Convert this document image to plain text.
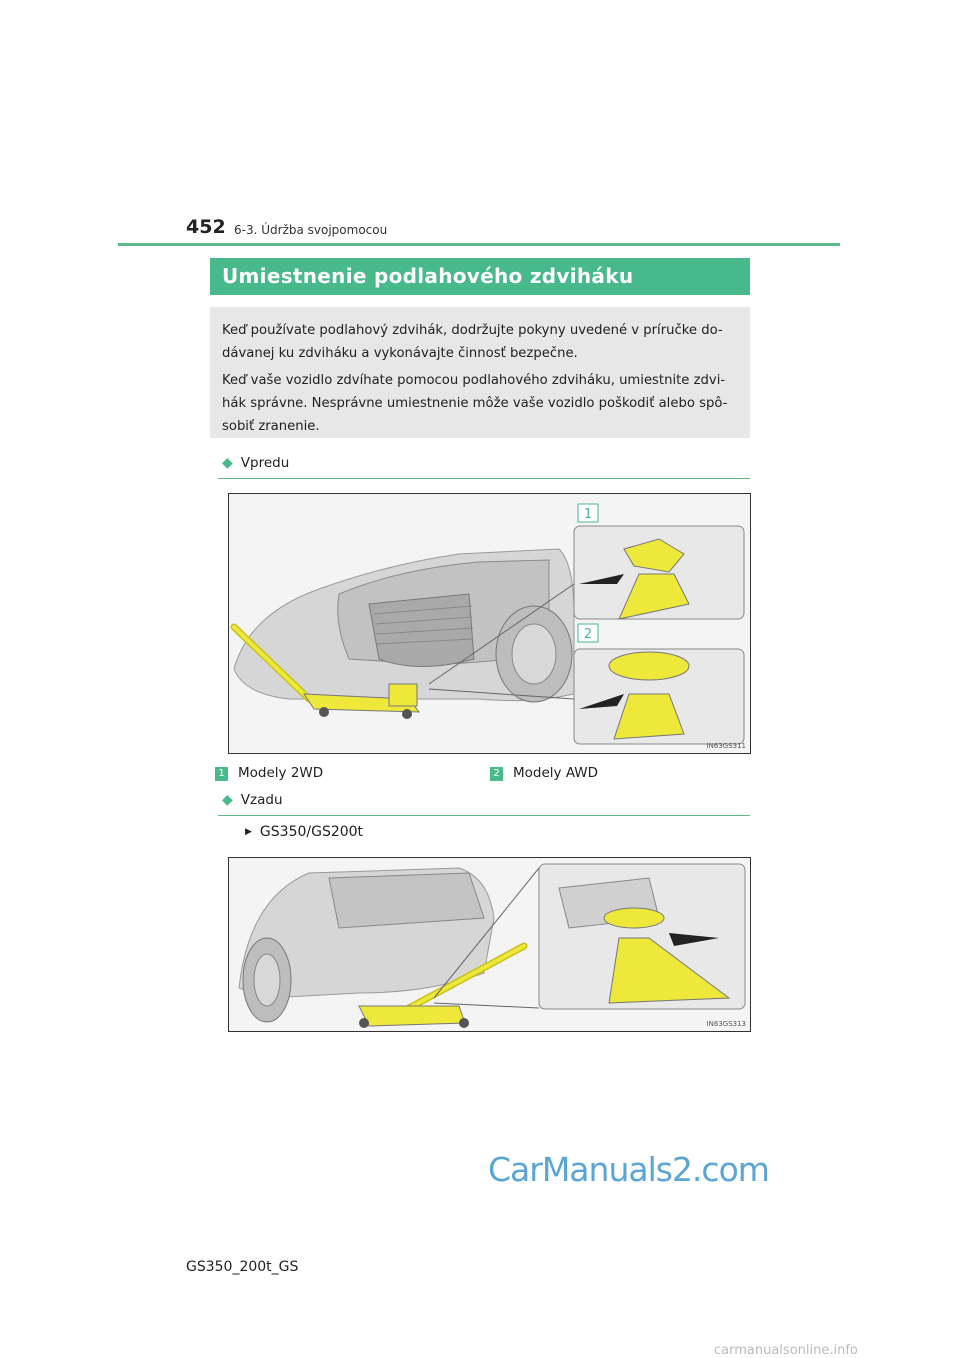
452 6-3. Údržba svojpomocou
Umiestnenie podlahového zdviháku

Keď používate podlahový zdvihák, dodržujte pokyny uvedené v príručke do-

dávanej ku zdviháku a vykonávajte činnosť bezpečne.

Keď vaše vozidlo zdvíhate pomocou podlahového zdviháku, umiestnite zdvi-

hák správne. Nesprávne umiestnenie môže vaše vozidlo poškodiť alebo spô-

sobiť zranenie.

◆ Vpredu
1
2
IN63GS311
1 Modely 2WD	2 Modely AWD
◆ Vzadu
▶ GS350/GS200t
IN63GS313
CarManuals2.com
GS350_200t_GS
carmanualsonline.info
